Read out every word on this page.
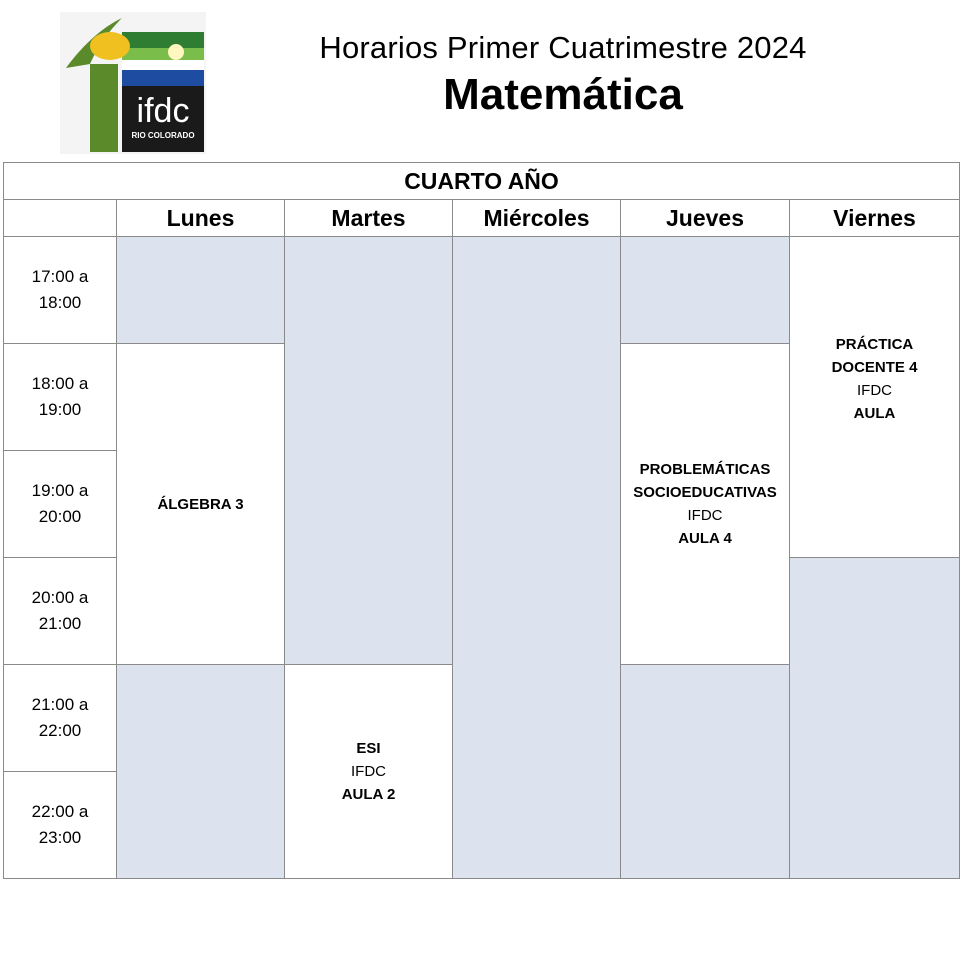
ifdc
RIO COLORADO
Horarios Primer Cuatrimestre 2024
Matemática
CUARTO AÑO					
	Lunes	Martes	Miércoles	Jueves	Viernes
17:00 a
18:00					PRÁCTICA
DOCENTE 4
IFDC
AULA

18:00 a
19:00	ÁLGEBRA 3			PROBLEMÁTICAS
SOCIOEDUCATIVAS
IFDC
AULA 4	

19:00 a
20:00					
20:00 a
21:00					
21:00 a
22:00		ESI
IFDC
AULA 2			

22:00 a
23:00					
